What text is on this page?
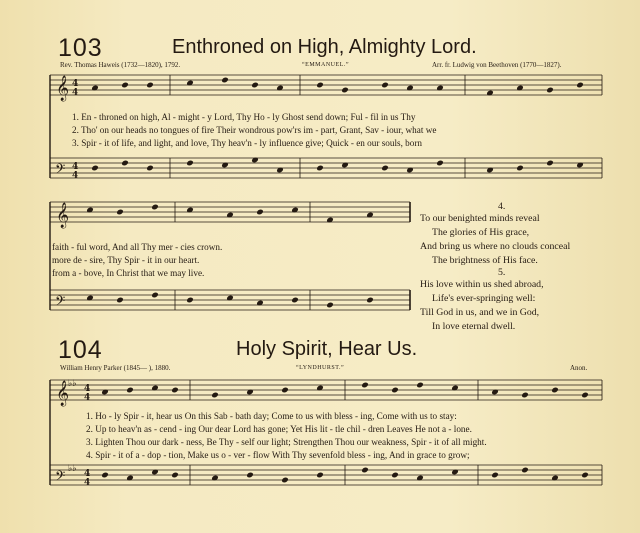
103	Enthroned on High, Almighty Lord.
Rev. Thomas Haweis (1732—1820), 1792.	“EMMANUEL.”	Arr. fr. Ludwig von Beethoven (1770—1827).
𝄞
𝄞
𝄞
𝄢
𝄢
𝄢
4
4
4
4
4
4
4
4
♭♭
♭♭
1. En - throned on high, Al - might - y Lord, Thy Ho - ly Ghost send down; Ful - fil in us Thy
2. Tho' on our heads no tongues of fire Their wondrous pow'rs im - part, Grant, Sav - iour, what we
3. Spir - it of life, and light, and love, Thy heav'n - ly influence give; Quick - en our souls, born
faith - ful word, And all Thy mer - cies crown.
more de - sire, Thy Spir - it in our heart.
from a - bove, In Christ that we may live.
4.
To our benighted minds reveal
The glories of His grace,
And bring us where no clouds conceal
The brightness of His face.
5.
His love within us shed abroad,
Life's ever-springing well:
Till God in us, and we in God,
In love eternal dwell.
104	Holy Spirit, Hear Us.
William Henry Parker (1845— ), 1880.	“LYNDHURST.”	Anon.
1. Ho - ly Spir - it, hear us On this Sab - bath day; Come to us with bless - ing, Come with us to stay:
2. Up to heav'n as - cend - ing Our dear Lord has gone; Yet His lit - tle chil - dren Leaves He not a - lone.
3. Lighten Thou our dark - ness, Be Thy - self our light; Strengthen Thou our weakness, Spir - it of all might.
4. Spir - it of a - dop - tion, Make us o - ver - flow With Thy sevenfold bless - ing, And in grace to grow;
